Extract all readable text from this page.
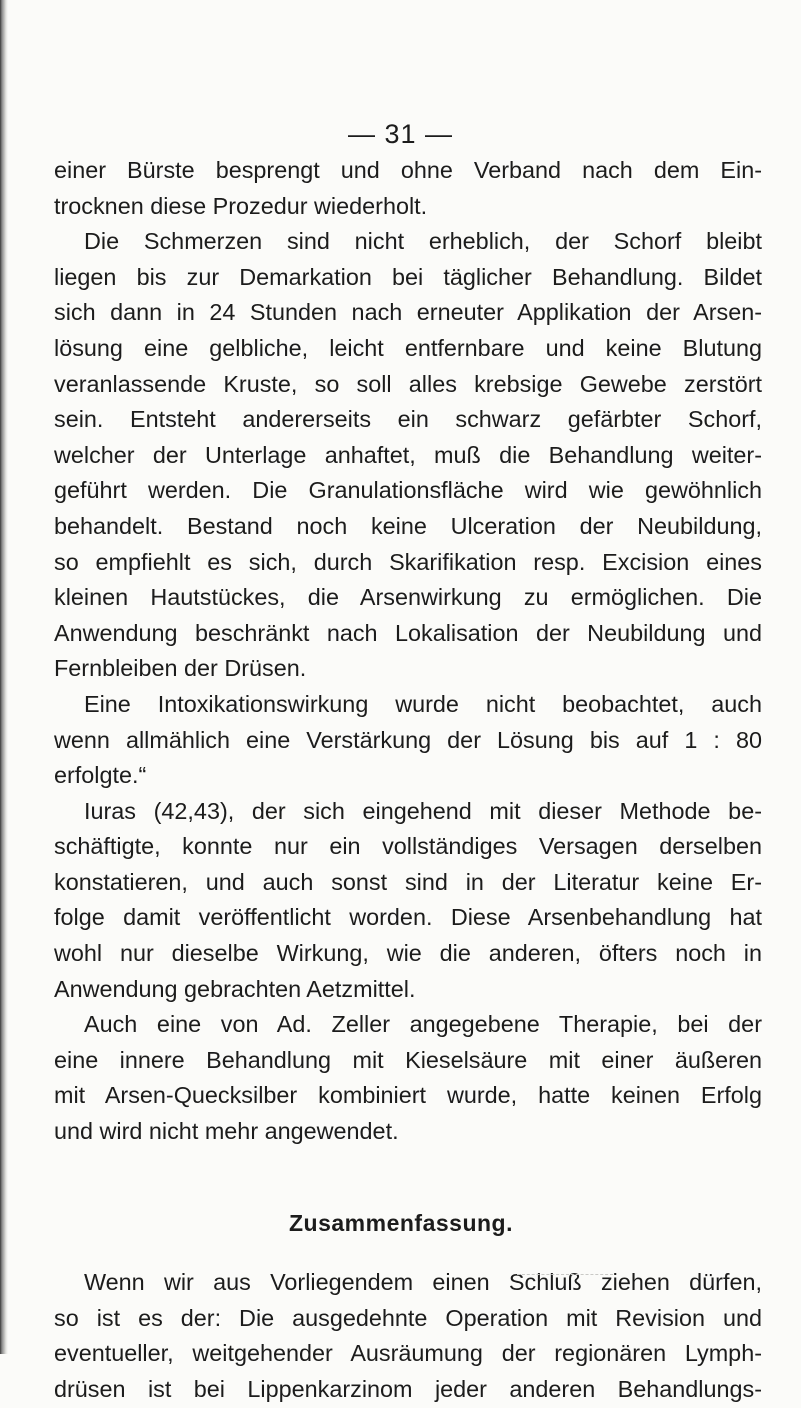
— 31 —

einer Bürste besprengt und ohne Verband nach dem Ein-
trocknen diese Prozedur wiederholt.

Die Schmerzen sind nicht erheblich, der Schorf bleibt
liegen bis zur Demarkation bei täglicher Behandlung. Bildet
sich dann in 24 Stunden nach erneuter Applikation der Arsen-
lösung eine gelbliche, leicht entfernbare und keine Blutung
veranlassende Kruste, so soll alles krebsige Gewebe zerstört
sein. Entsteht andererseits ein schwarz gefärbter Schorf,
welcher der Unterlage anhaftet, muß die Behandlung weiter-
geführt werden. Die Granulationsfläche wird wie gewöhnlich
behandelt. Bestand noch keine Ulceration der Neubildung,
so empfiehlt es sich, durch Skarifikation resp. Excision eines
kleinen Hautstückes, die Arsenwirkung zu ermöglichen. Die
Anwendung beschränkt nach Lokalisation der Neubildung und
Fernbleiben der Drüsen.

Eine Intoxikationswirkung wurde nicht beobachtet, auch
wenn allmählich eine Verstärkung der Lösung bis auf 1 : 80
erfolgte.“

Iuras (42,43), der sich eingehend mit dieser Methode be-
schäftigte, konnte nur ein vollständiges Versagen derselben
konstatieren, und auch sonst sind in der Literatur keine Er-
folge damit veröffentlicht worden. Diese Arsenbehandlung hat
wohl nur dieselbe Wirkung, wie die anderen, öfters noch in
Anwendung gebrachten Aetzmittel.

Auch eine von Ad. Zeller angegebene Therapie, bei der
eine innere Behandlung mit Kieselsäure mit einer äußeren
mit Arsen-Quecksilber kombiniert wurde, hatte keinen Erfolg
und wird nicht mehr angewendet.

Zusammenfassung.

Wenn wir aus Vorliegendem einen Schluß ziehen dürfen,
so ist es der: Die ausgedehnte Operation mit Revision und
eventueller, weitgehender Ausräumung der regionären Lymph-
drüsen ist bei Lippenkarzinom jeder anderen Behandlungs-
